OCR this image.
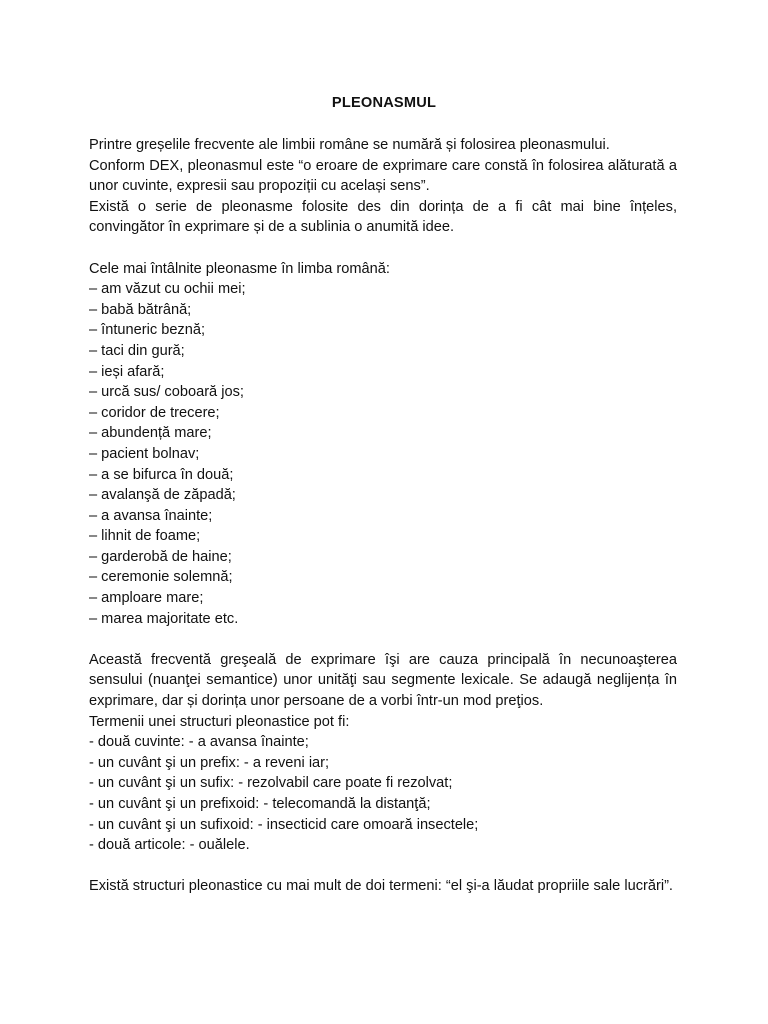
PLEONASMUL

Printre greșelile frecvente ale limbii române se numără și folosirea pleonasmului.

Conform DEX, pleonasmul este “o eroare de exprimare care constă în folosirea alăturată a unor cuvinte, expresii sau propoziții cu același sens”.

Există o serie de pleonasme folosite des din dorința de a fi cât mai bine înțeles, convingător în exprimare și de a sublinia o anumită idee.

Cele mai întâlnite pleonasme în limba română:

– am văzut cu ochii mei;
– babă bătrână;
– întuneric beznă;
– taci din gură;
– ieși afară;
– urcă sus/ coboară jos;
– coridor de trecere;
– abundență mare;
– pacient bolnav;
– a se bifurca în două;
– avalanşă de zăpadă;
– a avansa înainte;
– lihnit de foame;
– garderobă de haine;
– ceremonie solemnă;
– amploare mare;
– marea majoritate etc.

Această frecventă greşeală de exprimare îşi are cauza principală în necunoaşterea sensului (nuanţei semantice) unor unităţi sau segmente lexicale. Se adaugă neglijența în exprimare, dar și dorința unor persoane de a vorbi într-un mod preţios.

Termenii unei structuri pleonastice pot fi:

- două cuvinte: - a avansa înainte;
- un cuvânt şi un prefix: - a reveni iar;
- un cuvânt şi un sufix: - rezolvabil care poate fi rezolvat;
- un cuvânt şi un prefixoid: - telecomandă la distanţă;
- un cuvânt şi un sufixoid: - insecticid care omoară insectele;
- două articole: - ouălele.

Există structuri pleonastice cu mai mult de doi termeni: “el şi-a lăudat propriile sale lucrări”.
